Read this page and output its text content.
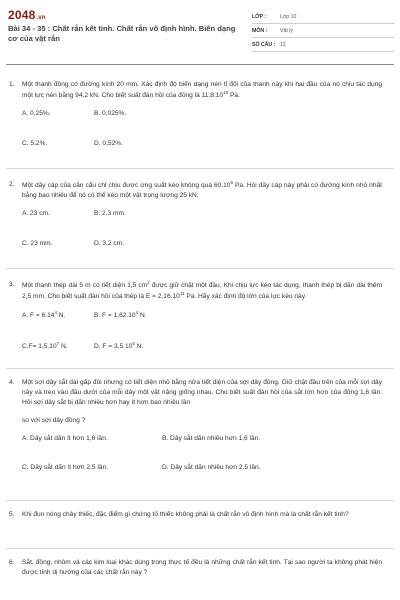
2048.vn
Bài 34 - 35 : Chất rắn kết tinh. Chất rắn vô định hình. Biến dạng cơ của vật rắn
LỚP :	Lớp 10
MÔN :	Vật lý
SỐ CÂU : 12
1. Một thanh đồng có đường kính 20 mm. Xác định độ biến dạng nén tỉ đối của thanh này khi hai đầu của nó chịu tác dụng một lực nén bằng 94,2 kN. Cho biết suất đàn hồi của đồng là 11,8.10$^{10}$ Pa.

A. 0,25%.	B. 0,025%.
C. 5,2%.	D. 0,52%.
2. Một dây cáp của cần cẩu chỉ chịu được ứng suất kéo không quá 60.10$^6$ Pa. Hỏi dây cáp này phải có đường kính nhỏ nhất bằng bao nhiêu để nó có thể kéo một vật trọng lượng 25 kN.

A. 23 cm.	B. 2,3 mm.
C. 23 mm.	D. 3,2 cm.
3. Một thanh thép dài 5 m có tiết diện 1,5 $cm^2$ được giữ chặt một đầu. Khi chịu lực kéo tác dụng, thanh thép bị dãn dài thêm 2,5 mm. Cho biết suất đàn hồi của thép là $E = 2,16.10^{11}$ Pa. Hãy xác định độ lớn của lực kéo này.

A. $F = 6.14^4$ N.	B. $F = 1,62.10^4$ N.
$C.F= 1,5.10^7$ N.	D. $F = 3,5.10^5$ N.
4. Một sợi dây sắt dài gấp đôi nhưng có tiết diện nhỏ bằng nửa tiết diện của sợi dây đồng. Giữ chặt đầu trên của mỗi sợi dây này và treo vào đầu dưới của mỗi dây một vật nặng giống nhau. Cho biết suất đàn hồi của sắt lớn hơn của đồng 1,6 lần. Hỏi sợi dây sắt bị dãn nhiều hơn hay ít hơn bao nhiêu lần

so với sợi dây đồng ?

A. Dây sắt dãn ít hơn 1,6 lần.	B. Dây sắt dãn nhiều hơn 1,6 lần.
C. Dây sắt dãn ít hơn 2,5 lần.	D. Dây sắt dãn nhiều hơn 2,5 lần.
5. Khi đun nóng chảy thiếc, đặc điểm gì chứng tỏ thiếc không phải là chất rắn vô định hình mà là chất rắn kết tinh?

6. Sắt, đồng, nhôm và các kim loại khác dùng trong thực tế đều là những chất rắn kết tinh. Tại sao người ta không phát hiện được tính dị hướng của các chất rắn này ?
